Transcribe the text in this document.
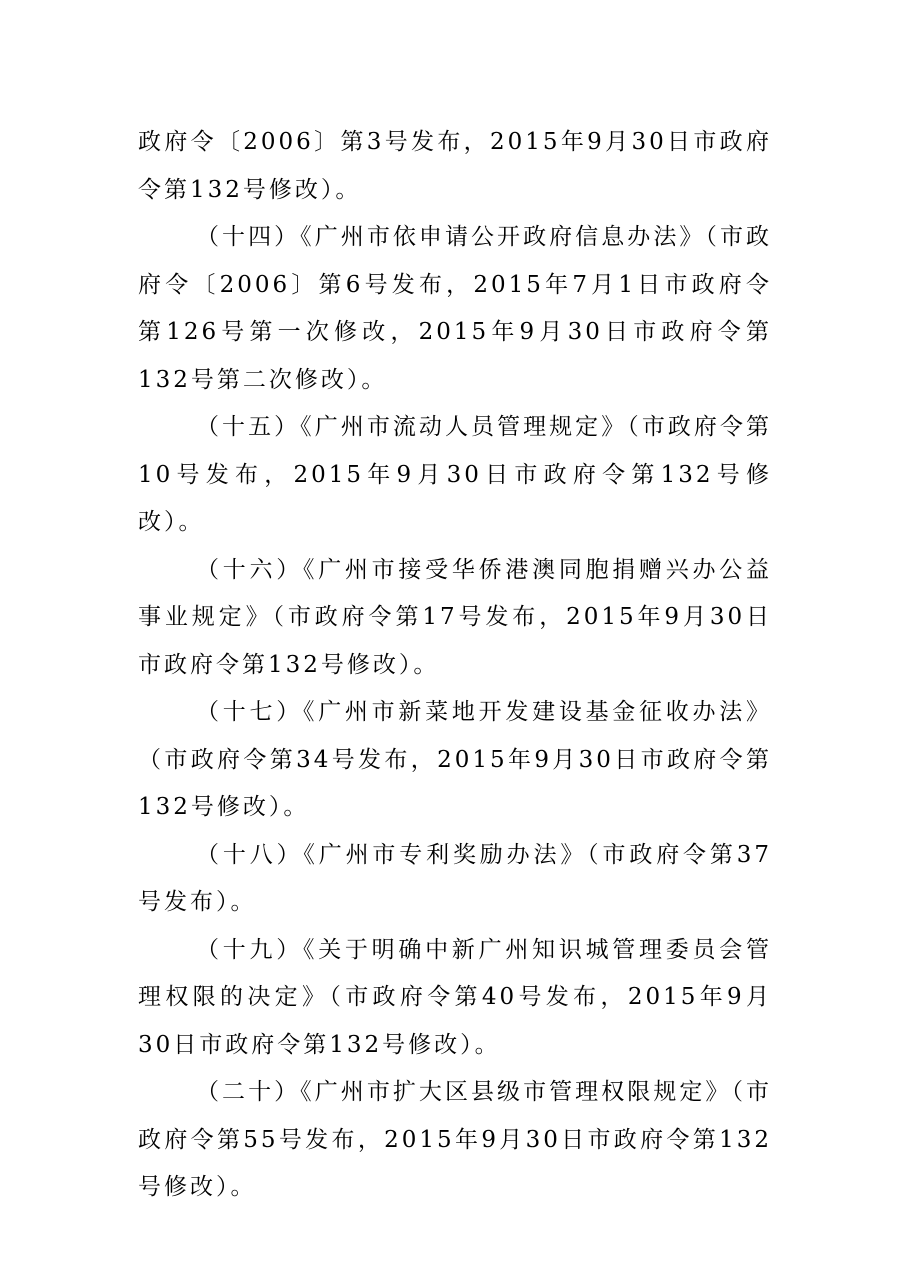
政府令〔2006〕第3号发布，2015年9月30日市政府令第132号修改）。

（十四）《广州市依申请公开政府信息办法》（市政府令〔2006〕第6号发布，2015年7月1日市政府令第126号第一次修改，2015年9月30日市政府令第132号第二次修改）。

（十五）《广州市流动人员管理规定》（市政府令第10号发布，2015年9月30日市政府令第132号修改）。

（十六）《广州市接受华侨港澳同胞捐赠兴办公益事业规定》（市政府令第17号发布，2015年9月30日市政府令第132号修改）。

（十七）《广州市新菜地开发建设基金征收办法》（市政府令第34号发布，2015年9月30日市政府令第132号修改）。

（十八）《广州市专利奖励办法》（市政府令第37号发布）。

（十九）《关于明确中新广州知识城管理委员会管理权限的决定》（市政府令第40号发布，2015年9月30日市政府令第132号修改）。

（二十）《广州市扩大区县级市管理权限规定》（市政府令第55号发布，2015年9月30日市政府令第132号修改）。
